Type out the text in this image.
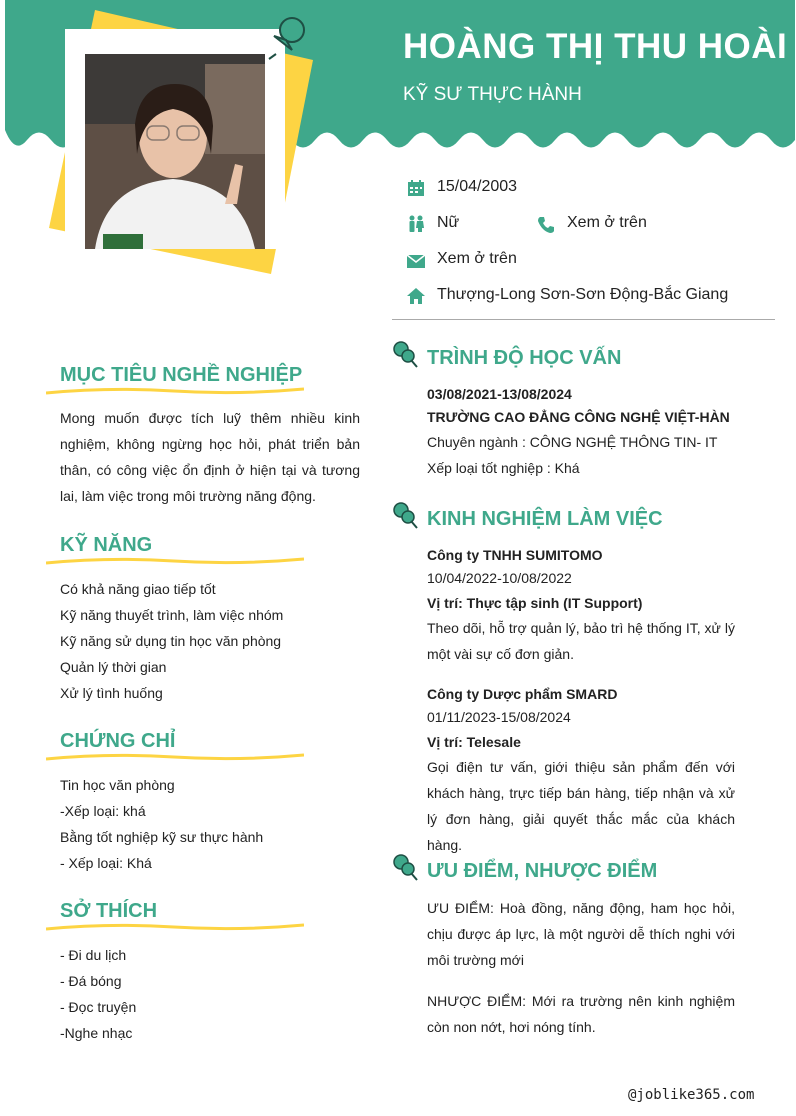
HOÀNG THỊ THU HOÀI
KỸ SƯ THỰC HÀNH
15/04/2003
Nữ	Xem ở trên
Xem ở trên
Thượng-Long Sơn-Sơn Động-Bắc Giang
MỤC TIÊU NGHỀ NGHIỆP
Mong muốn được tích luỹ thêm nhiều kinh nghiệm, không ngừng học hỏi, phát triển bản thân, có công việc ổn định ở hiện tại và tương lai, làm việc trong môi trường năng động.
KỸ NĂNG
Có khả năng giao tiếp tốt
Kỹ năng thuyết trình, làm việc nhóm
Kỹ năng sử dụng tin học văn phòng
Quản lý thời gian
Xử lý tình huống
CHỨNG CHỈ
Tin học văn phòng
-Xếp loại: khá
Bằng tốt nghiệp kỹ sư thực hành
- Xếp loại: Khá
SỞ THÍCH
- Đi du lịch
- Đá bóng
- Đọc truyện
-Nghe nhạc
TRÌNH ĐỘ HỌC VẤN
03/08/2021-13/08/2024
TRƯỜNG CAO ĐẲNG CÔNG NGHỆ VIỆT-HÀN
Chuyên ngành : CÔNG NGHỆ THÔNG TIN- IT
Xếp loại tốt nghiệp : Khá
KINH NGHIỆM LÀM VIỆC
Công ty TNHH SUMITOMO
10/04/2022-10/08/2022
Vị trí: Thực tập sinh (IT Support)
Theo dõi, hỗ trợ quản lý, bảo trì hệ thống IT, xử lý một vài sự cố đơn giản.
Công ty Dược phẩm SMARD
01/11/2023-15/08/2024
Vị trí: Telesale
Gọi điện tư vấn, giới thiệu sản phẩm đến với khách hàng, trực tiếp bán hàng, tiếp nhận và xử lý đơn hàng, giải quyết thắc mắc của khách hàng.
ƯU ĐIỂM, NHƯỢC ĐIỂM
ƯU ĐIỂM: Hoà đồng, năng động, ham học hỏi, chịu được áp lực, là một người dễ thích nghi với môi trường mới
NHƯỢC ĐIỂM: Mới ra trường nên kinh nghiệm còn non nớt, hơi nóng tính.
@joblike365.com
